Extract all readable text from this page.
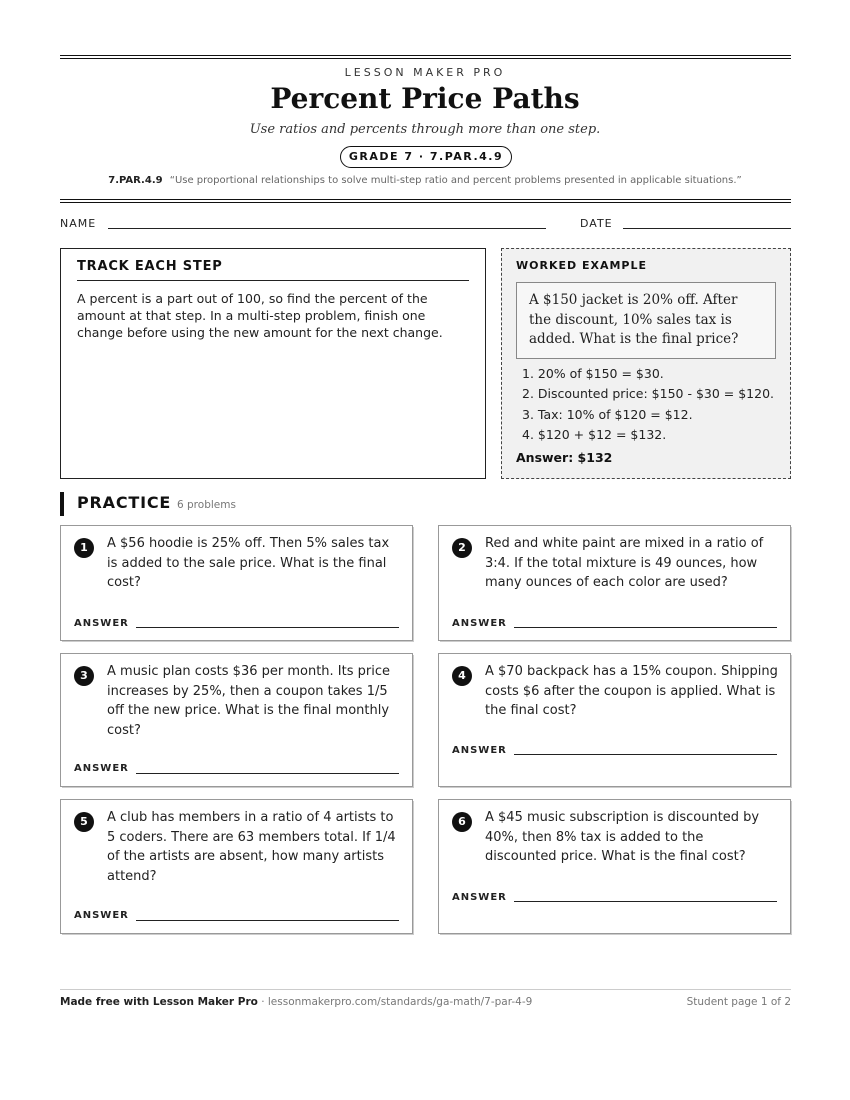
LESSON MAKER PRO
Percent Price Paths
Use ratios and percents through more than one step.
GRADE 7 · 7.PAR.4.9
7.PAR.4.9 “Use proportional relationships to solve multi-step ratio and percent problems presented in applicable situations.”
NAME	DATE
TRACK EACH STEP
A percent is a part out of 100, so find the percent of the amount at that step. In a multi-step problem, finish one change before using the new amount for the next change.
WORKED EXAMPLE
A $150 jacket is 20% off. After the discount, 10% sales tax is added. What is the final price?
1. 20% of $150 = $30.
2. Discounted price: $150 - $30 = $120.
3. Tax: 10% of $120 = $12.
4. $120 + $12 = $132.
Answer: $132
PRACTICE 6 problems
1	A $56 hoodie is 25% off. Then 5% sales tax is added to the sale price. What is the final cost?
ANSWER
2	Red and white paint are mixed in a ratio of 3:4. If the total mixture is 49 ounces, how many ounces of each color are used?
ANSWER
3	A music plan costs $36 per month. Its price increases by 25%, then a coupon takes 1/5 off the new price. What is the final monthly cost?
ANSWER
4	A $70 backpack has a 15% coupon. Shipping costs $6 after the coupon is applied. What is the final cost?
ANSWER
5	A club has members in a ratio of 4 artists to 5 coders. There are 63 members total. If 1/4 of the artists are absent, how many artists attend?
ANSWER
6	A $45 music subscription is discounted by 40%, then 8% tax is added to the discounted price. What is the final cost?
ANSWER
Made free with Lesson Maker Pro · lessonmakerpro.com/standards/ga-math/7-par-4-9	Student page 1 of 2
